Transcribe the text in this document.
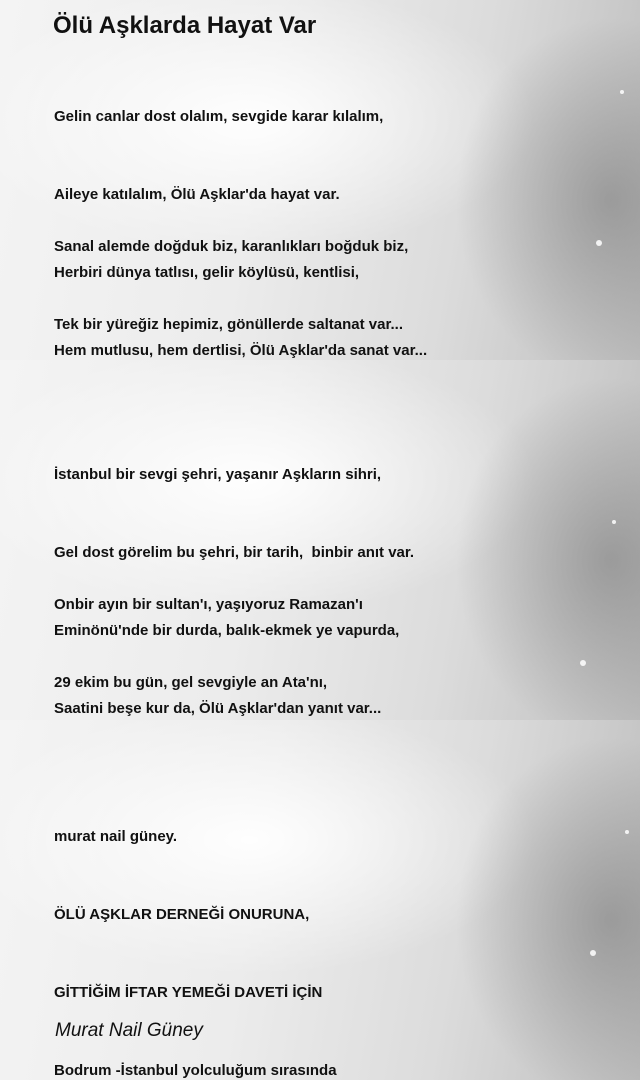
Ölü Aşklarda Hayat Var

Gelin canlar dost olalım, sevgide karar kılalım,

Aileye katılalım, Ölü Aşklar'da hayat var.

Herbiri dünya tatlısı, gelir köylüsü, kentlisi,

Hem mutlusu, hem dertlisi, Ölü Aşklar'da sanat var...

Sanal alemde doğduk biz, karanlıkları boğduk biz,

Tek bir yüreğiz hepimiz, gönüllerde saltanat var...

İstanbul bir sevgi şehri, yaşanır Aşkların sihri,

Gel dost görelim bu şehri, bir tarih,  binbir anıt var.

Eminönü'nde bir durda, balık-ekmek ye vapurda,

Saatini beşe kur da, Ölü Aşklar'dan yanıt var...

Onbir ayın bir sultan'ı, yaşıyoruz Ramazan'ı

29 ekim bu gün, gel sevgiyle an Ata'nı,

murat nail güney.

ÖLÜ AŞKLAR DERNEĞİ ONURUNA,

GİTTİĞİM İFTAR YEMEĞİ DAVETİ İÇİN

Bodrum -İstanbul yolculuğum sırasında

Murat Nail Güney
